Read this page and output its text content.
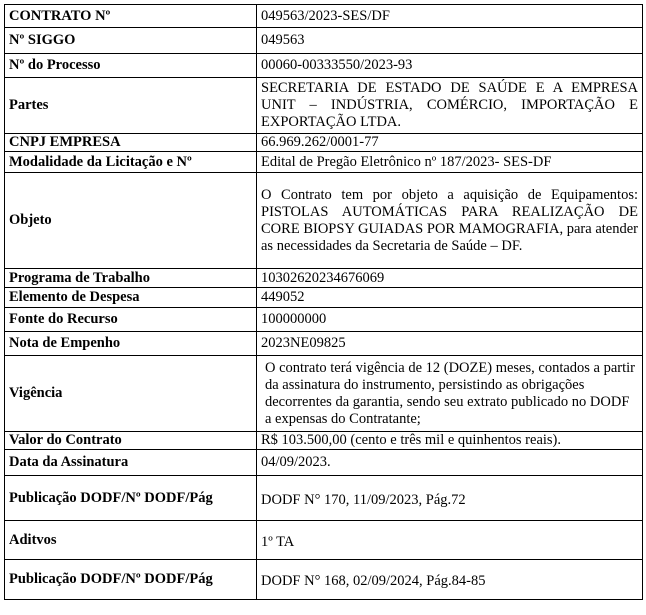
CONTRATO Nº	049563/2023-SES/DF
Nº SIGGO	049563
Nº do Processo	00060-00333550/2023-93
Partes	SECRETARIA DE ESTADO DE SAÚDE E A EMPRESA UNIT – INDÚSTRIA, COMÉRCIO, IMPORTAÇÃO E EXPORTAÇÃO LTDA.
CNPJ EMPRESA	66.969.262/0001-77
Modalidade da Licitação e Nº	Edital de Pregão Eletrônico nº 187/2023- SES-DF
Objeto	O Contrato tem por objeto a aquisição de Equipamentos: PISTOLAS AUTOMÁTICAS PARA REALIZAÇÃO DE CORE BIOPSY GUIADAS POR MAMOGRAFIA, para atender as necessidades da Secretaria de Saúde – DF.
Programa de Trabalho	10302620234676069
Elemento de Despesa	449052
Fonte do Recurso	100000000
Nota de Empenho	2023NE09825
Vigência	O contrato terá vigência de 12 (DOZE) meses, contados a partir da assinatura do instrumento, persistindo as obrigações decorrentes da garantia, sendo seu extrato publicado no DODF a expensas do Contratante;
Valor do Contrato	R$ 103.500,00 (cento e três mil e quinhentos reais).
Data da Assinatura	04/09/2023.
Publicação DODF/Nº DODF/Pág	DODF N° 170, 11/09/2023, Pág.72
Aditvos	1º TA
Publicação DODF/Nº DODF/Pág	DODF N° 168, 02/09/2024, Pág.84-85
